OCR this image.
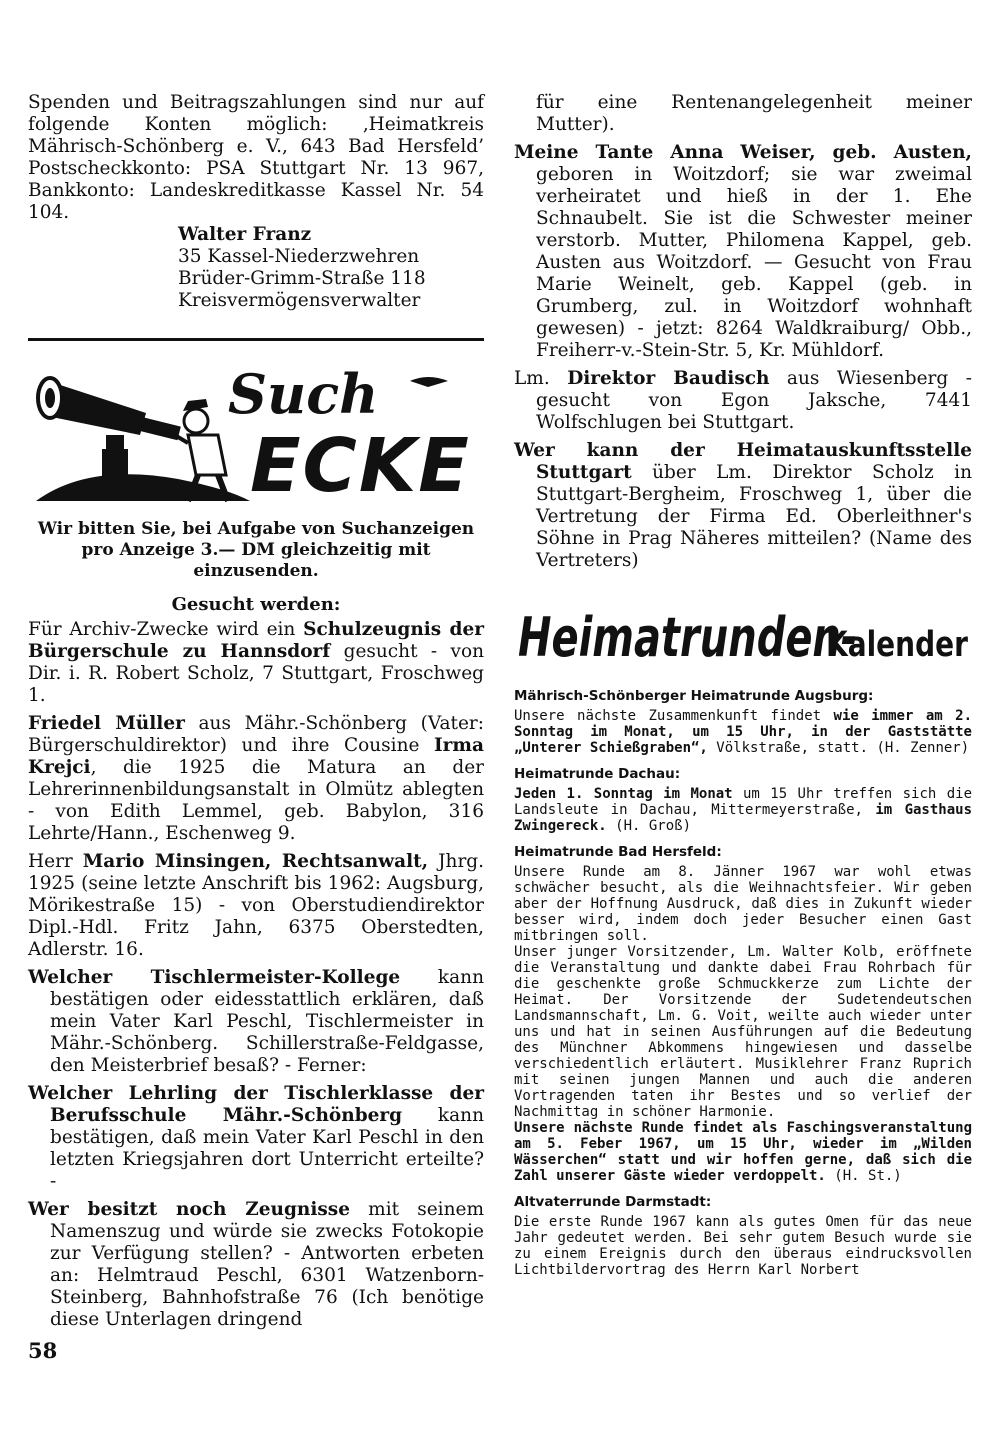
Spenden und Beitragszahlungen sind nur auf folgende Konten möglich: ‚Heimatkreis Mährisch-Schönberg e. V., 643 Bad Hersfeld’ Postscheckkonto: PSA Stuttgart Nr. 13 967, Bankkonto: Landeskreditkasse Kassel Nr. 54 104.

Walter Franz
35 Kassel-Niederzwehren
Brüder-Grimm-Straße 118
Kreisvermögensverwalter
Such
ECKE

Wir bitten Sie, bei Aufgabe von Suchanzeigen pro Anzeige 3.— DM gleichzeitig mit einzusenden.

Gesucht werden:

Für Archiv-Zwecke wird ein Schulzeugnis der Bürgerschule zu Hannsdorf gesucht - von Dir. i. R. Robert Scholz, 7 Stuttgart, Froschweg 1.

Friedel Müller aus Mähr.-Schönberg (Vater: Bürgerschuldirektor) und ihre Cousine Irma Krejci, die 1925 die Matura an der Lehrerinnenbildungsanstalt in Olmütz ablegten - von Edith Lemmel, geb. Babylon, 316 Lehrte/Hann., Eschenweg 9.

Herr Mario Minsingen, Rechtsanwalt, Jhrg. 1925 (seine letzte Anschrift bis 1962: Augsburg, Mörikestraße 15) - von Oberstudiendirektor Dipl.-Hdl. Fritz Jahn, 6375 Oberstedten, Adlerstr. 16.

Welcher Tischlermeister-Kollege kann bestätigen oder eidesstattlich erklären, daß mein Vater Karl Peschl, Tischlermeister in Mähr.-Schönberg. Schillerstraße-Feldgasse, den Meisterbrief besaß? - Ferner:

Welcher Lehrling der Tischlerklasse der Berufsschule Mähr.-Schönberg kann bestätigen, daß mein Vater Karl Peschl in den letzten Kriegsjahren dort Unterricht erteilte? -

Wer besitzt noch Zeugnisse mit seinem Namenszug und würde sie zwecks Fotokopie zur Verfügung stellen? - Antworten erbeten an: Helmtraud Peschl, 6301 Watzenborn-Steinberg, Bahnhofstraße 76 (Ich benötige diese Unterlagen dringend

58

für eine Rentenangelegenheit meiner Mutter).

Meine Tante Anna Weiser, geb. Austen, geboren in Woitzdorf; sie war zweimal verheiratet und hieß in der 1. Ehe Schnaubelt. Sie ist die Schwester meiner verstorb. Mutter, Philomena Kappel, geb. Austen aus Woitzdorf. — Gesucht von Frau Marie Weinelt, geb. Kappel (geb. in Grumberg, zul. in Woitzdorf wohnhaft gewesen) - jetzt: 8264 Waldkraiburg/ Obb., Freiherr-v.-Stein-Str. 5, Kr. Mühldorf.

Lm. Direktor Baudisch aus Wiesenberg - gesucht von Egon Jaksche, 7441 Wolfschlugen bei Stuttgart.

Wer kann der Heimatauskunftsstelle Stuttgart über Lm. Direktor Scholz in Stuttgart-Bergheim, Froschweg 1, über die Vertretung der Firma Ed. Oberleithner's Söhne in Prag Näheres mitteilen? (Name des Vertreters)

Heimatrunden-
Kalender
Mährisch-Schönberger Heimatrunde Augsburg:

Unsere nächste Zusammenkunft findet wie immer am 2. Sonntag im Monat, um 15 Uhr, in der Gaststätte „Unterer Schießgraben“, Völkstraße, statt. (H. Zenner)

Heimatrunde Dachau:

Jeden 1. Sonntag im Monat um 15 Uhr treffen sich die Landsleute in Dachau, Mittermeyerstraße, im Gasthaus Zwingereck. (H. Groß)

Heimatrunde Bad Hersfeld:

Unsere Runde am 8. Jänner 1967 war wohl etwas schwächer besucht, als die Weihnachtsfeier. Wir geben aber der Hoffnung Ausdruck, daß dies in Zukunft wieder besser wird, indem doch jeder Besucher einen Gast mitbringen soll.

Unser junger Vorsitzender, Lm. Walter Kolb, eröffnete die Veranstaltung und dankte dabei Frau Rohrbach für die geschenkte große Schmuckkerze zum Lichte der Heimat. Der Vorsitzende der Sudetendeutschen Landsmannschaft, Lm. G. Voit, weilte auch wieder unter uns und hat in seinen Ausführungen auf die Bedeutung des Münchner Abkommens hingewiesen und dasselbe verschiedentlich erläutert. Musiklehrer Franz Ruprich mit seinen jungen Mannen und auch die anderen Vortragenden taten ihr Bestes und so verlief der Nachmittag in schöner Harmonie.

Unsere nächste Runde findet als Faschingsveranstaltung am 5. Feber 1967, um 15 Uhr, wieder im „Wilden Wässerchen“ statt und wir hoffen gerne, daß sich die Zahl unserer Gäste wieder verdoppelt. (H. St.)

Altvaterrunde Darmstadt:

Die erste Runde 1967 kann als gutes Omen für das neue Jahr gedeutet werden. Bei sehr gutem Besuch wurde sie zu einem Ereignis durch den überaus eindrucksvollen Lichtbildervortrag des Herrn Karl Norbert
